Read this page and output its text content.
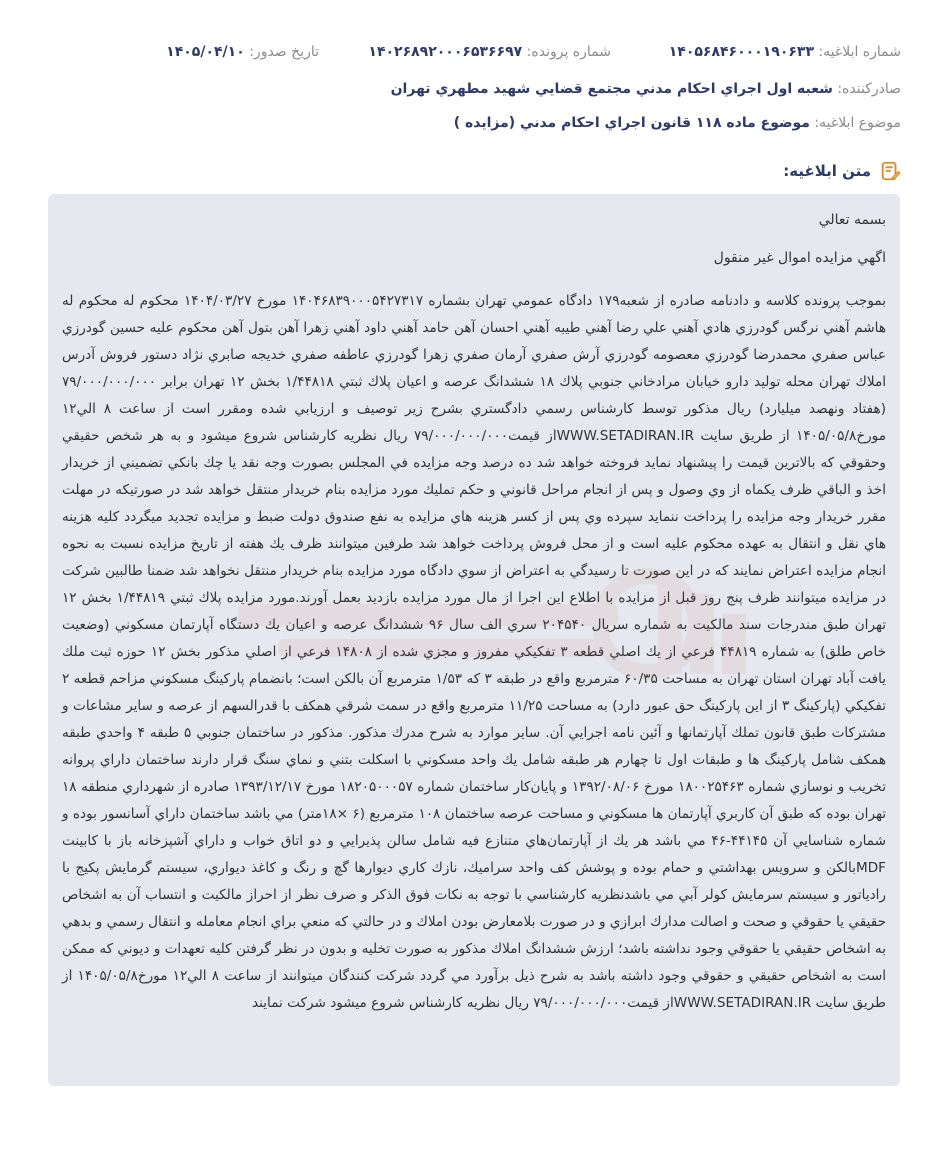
شماره ابلاغيه: ۱۴۰۵۶۸۴۶۰۰۰۱۹۰۶۳۳
شماره پرونده: ۱۴۰۲۶۸۹۲۰۰۰۶۵۳۶۶۹۷
تاريخ صدور: ۱۴۰۵/۰۴/۱۰
صادرکننده: شعبه اول اجراي احكام مدني مجتمع قضايي شهيد مطهري تهران
موضوع ابلاغيه: موضوع ماده ۱۱۸ قانون اجراي احكام مدني (مزايده )
متن ابلاغيه:
بسمه تعالي
اگهي مزايده اموال غير منقول

بموجب پرونده كلاسه و دادنامه صادره از شعبه۱۷۹ دادگاه عمومي تهران بشماره ۱۴۰۴۶۸۳۹۰۰۰۵۴۲۷۳۱۷ مورخ ۱۴۰۴/۰۳/۲۷ محكوم له محكوم له هاشم آهني نرگس گودرزي هادي آهني علي رضا آهني طيبه آهني احسان آهن حامد آهني داود آهني زهرا آهن بتول آهن محكوم عليه حسين گودرزي عباس صفري محمدرضا گودرزي معصومه گودرزي آرش صفري آرمان صفري زهرا گودرزي عاطفه صفري خديجه صابري نژاد دستور فروش آدرس املاك تهران محله توليد دارو خيابان مرادخاني جنوبي پلاك ۱۸ ششدانگ عرصه و اعيان پلاك ثبتي ۱/۴۴۸۱۸ بخش ۱۲ تهران برابر ۷۹/۰۰۰/۰۰۰/۰۰۰ (هفتاد ونهصد ميليارد) ريال مذكور توسط كارشناس رسمي دادگستري بشرح زير توصيف و ارزيابي شده ومقرر است از ساعت ۸ الي۱۲ مورخ۱۴۰۵/۰۵/۸ از طريق سايت WWW.SETADIRAN.IRاز قيمت۷۹/۰۰۰/۰۰۰/۰۰۰ ريال نظريه كارشناس شروع ميشود و به هر شخص حقيقي وحقوقي كه بالاترين قيمت را پيشنهاد نمايد فروخته خواهد شد ده درصد وجه مزايده في المجلس بصورت وجه نقد يا چك بانكي تضميني از خريدار اخذ و الباقي ظرف يكماه از وي وصول و پس از انجام مراحل قانوني و حكم تمليك مورد مزايده بنام خريدار منتقل خواهد شد در صورتيكه در مهلت مقرر خريدار وجه مزايده را پرداخت ننمايد سپرده وي پس از كسر هزينه هاي مزايده به نفع صندوق دولت ضبط و مزايده تجديد ميگردد كليه هزينه هاي نقل و انتقال به عهده محكوم عليه است و از محل فروش پرداخت خواهد شد طرفين ميتوانند ظرف يك هفته از تاريخ مزايده نسبت به نحوه انجام مزايده اعتراض نمايند كه در اين صورت تا رسيدگي به اعتراض از سوي دادگاه مورد مزايده بنام خريدار منتقل نخواهد شد ضمنا طالبين شركت در مزايده ميتوانند ظرف پنج روز قبل از مزايده با اطلاع اين اجرا از مال مورد مزايده بازديد بعمل آورند.مورد مزايده پلاك ثبتي ۱/۴۴۸۱۹ بخش ۱۲ تهران طبق مندرجات سند مالكيت به شماره سريال ۲۰۴۵۴۰ سري الف سال ۹۶ ششدانگ عرصه و اعيان يك دستگاه آپارتمان مسكوني (وضعيت خاص طلق) به شماره ۴۴۸۱۹ فرعي از يك اصلي قطعه ۳ تفكيكي مفروز و مجزي شده از ۱۴۸۰۸ فرعي از اصلي مذكور بخش ۱۲ حوزه ثبت ملك يافت آباد تهران استان تهران به مساحت ۶۰/۳۵ مترمربع واقع در طبقه ۳ كه ۱/۵۳ مترمربع آن بالكن است؛ بانضمام پاركينگ مسكوني مزاحم قطعه ۲ تفكيكي (پاركينگ ۳ از اين پاركينگ حق عبور دارد) به مساحت ۱۱/۲۵ مترمربع واقع در سمت شرقي همكف با قدرالسهم از عرصه و ساير مشاعات و مشتركات طبق قانون تملك آپارتمانها و آئين نامه اجرايي آن. ساير موارد به شرح مدرك مذكور. مذكور در ساختمان جنوبي ۵ طبقه ۴ واحدي طبقه همكف شامل پاركينگ ها و طبقات اول تا چهارم هر طبقه شامل يك واحد مسكوني با اسكلت بتني و نماي سنگ قرار دارند ساختمان داراي پروانه تخريب و نوسازي شماره ۱۸۰۰۲۵۴۶۳ مورخ ۱۳۹۲/۰۸/۰۶ و پايان‌كار ساختمان شماره ۱۸۲۰۵۰۰۰۵۷ مورخ ۱۳۹۳/۱۲/۱۷ صادره از شهرداري منطقه ۱۸ تهران بوده كه طبق آن كاربري آپارتمان ها مسكوني و مساحت عرصه ساختمان ۱۰۸ مترمربع (۶ ×۱۸متر) مي باشد ساختمان داراي آسانسور بوده و شماره شناسايي آن ۴۴۱۴۵-۴۶ مي باشد هر يك از آپارتمان‌هاي متنازع فيه شامل سالن پذيرايي و دو اتاق خواب و داراي آشپزخانه باز با كابينت MDFبالكن و سرويس بهداشتي و حمام بوده و پوشش كف واحد سراميك، نازك كاري ديوارها گچ و رنگ و كاغذ ديواري، سيستم گرمايش پكيج با رادياتور و سيستم سرمايش كولر آبي مي باشدنظريه كارشناسي با توجه به نكات فوق الذكر و صرف نظر از احراز مالكيت و انتساب آن به اشخاص حقيقي يا حقوقي و صحت و اصالت مدارك ابرازي و در صورت بلامعارض بودن املاك و در حالتي كه منعي براي انجام معامله و انتقال رسمي و بدهي به اشخاص حقيقي يا حقوقي وجود نداشته باشد؛ ارزش ششدانگ املاك مذكور به صورت تخليه و بدون در نظر گرفتن كليه تعهدات و ديوني كه ممكن است به اشخاص حقيقي و حقوقي وجود داشته باشد به شرح ذيل برآورد مي گردد شركت كنندگان ميتوانند از ساعت ۸ الي۱۲ مورخ۱۴۰۵/۰۵/۸ از طريق سايت WWW.SETADIRAN.IRاز قيمت۷۹/۰۰۰/۰۰۰/۰۰۰ ريال نظريه كارشناس شروع ميشود شركت نمايند
